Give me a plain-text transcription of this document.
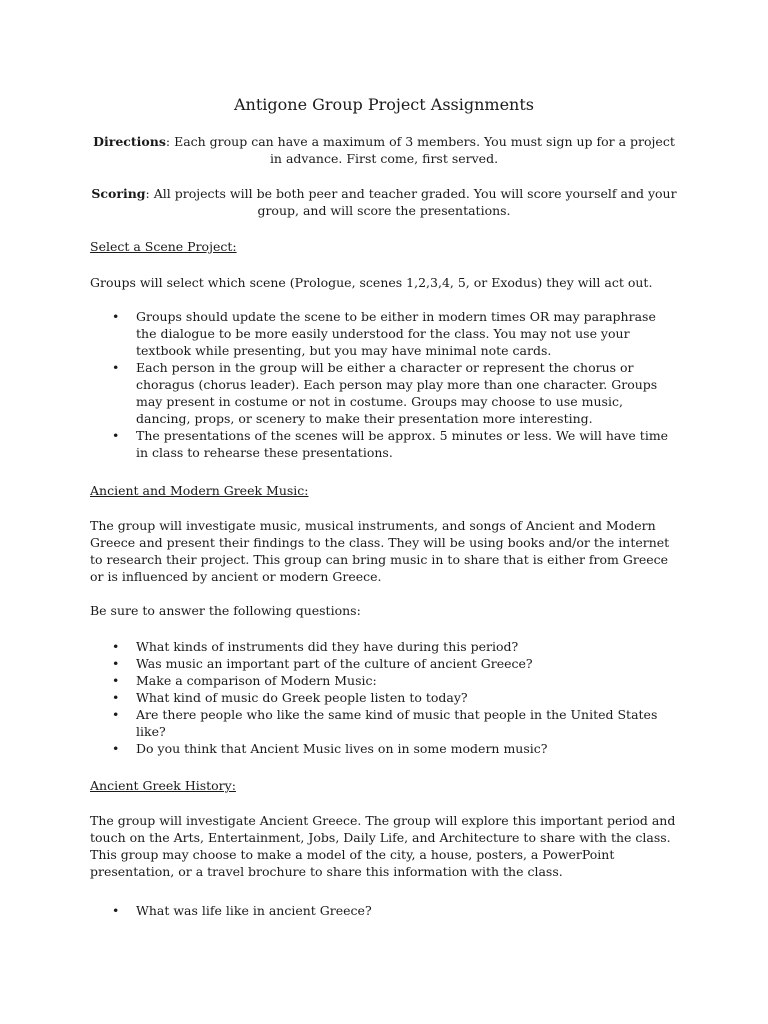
Antigone Group Project Assignments
Directions: Each group can have a maximum of 3 members. You must sign up for a project in advance. First come, first served.
Scoring: All projects will be both peer and teacher graded. You will score yourself and your group, and will score the presentations.
Select a Scene Project:
Groups will select which scene (Prologue, scenes 1,2,3,4, 5, or Exodus) they will act out.
• Groups should update the scene to be either in modern times OR may paraphrase the dialogue to be more easily understood for the class. You may not use your textbook while presenting, but you may have minimal note cards.
• Each person in the group will be either a character or represent the chorus or choragus (chorus leader). Each person may play more than one character. Groups may present in costume or not in costume. Groups may choose to use music, dancing, props, or scenery to make their presentation more interesting.
• The presentations of the scenes will be approx. 5 minutes or less. We will have time in class to rehearse these presentations.
Ancient and Modern Greek Music:
The group will investigate music, musical instruments, and songs of Ancient and Modern Greece and present their findings to the class. They will be using books and/or the internet to research their project. This group can bring music in to share that is either from Greece or is influenced by ancient or modern Greece.
Be sure to answer the following questions:
• What kinds of instruments did they have during this period?
• Was music an important part of the culture of ancient Greece?
• Make a comparison of Modern Music:
• What kind of music do Greek people listen to today?
• Are there people who like the same kind of music that people in the United States like?
• Do you think that Ancient Music lives on in some modern music?
Ancient Greek History:
The group will investigate Ancient Greece. The group will explore this important period and touch on the Arts, Entertainment, Jobs, Daily Life, and Architecture to share with the class. This group may choose to make a model of the city, a house, posters, a PowerPoint presentation, or a travel brochure to share this information with the class.
• What was life like in ancient Greece?
